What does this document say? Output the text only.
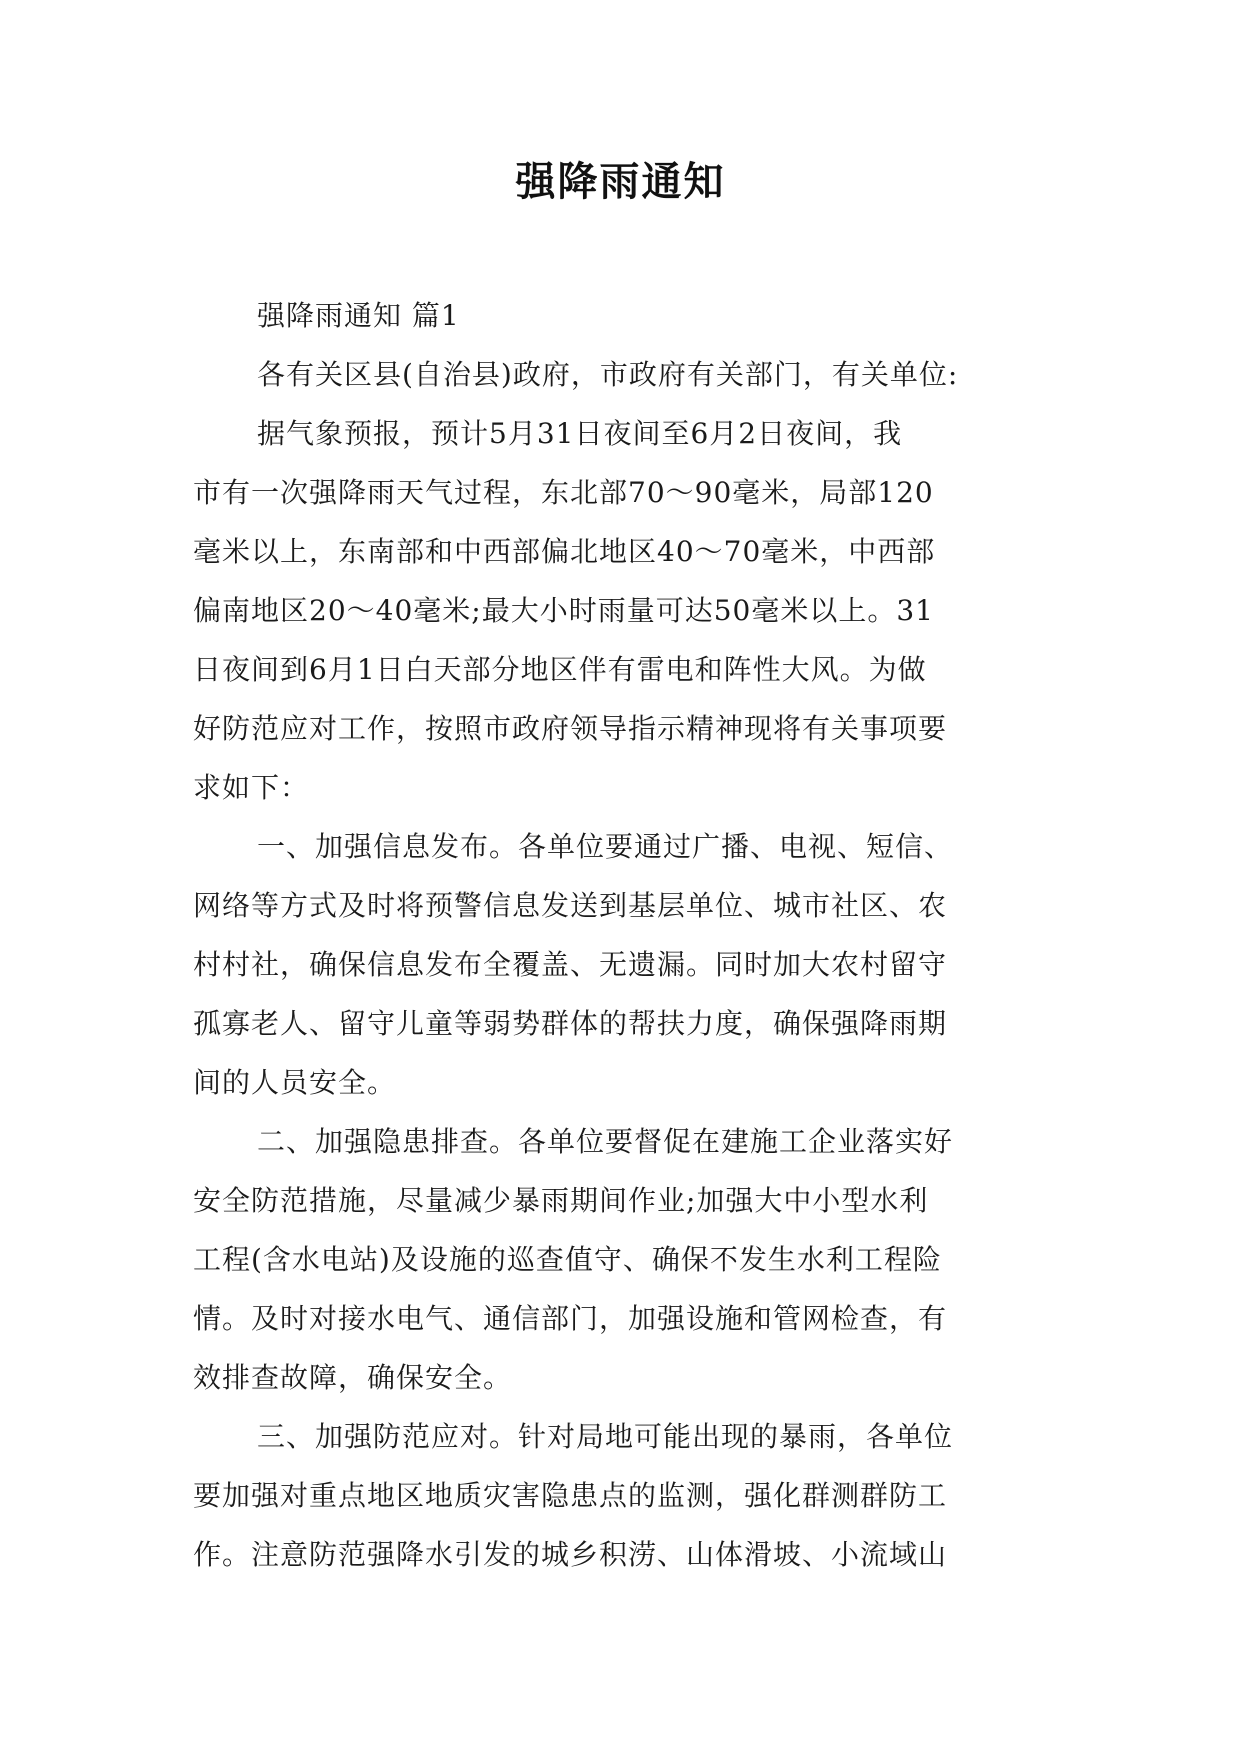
强降雨通知
强降雨通知 篇1
各有关区县(自治县)政府，市政府有关部门，有关单位:
据气象预报，预计5月31日夜间至6月2日夜间，我
市有一次强降雨天气过程，东北部70～90毫米，局部120
毫米以上，东南部和中西部偏北地区40～70毫米，中西部
偏南地区20～40毫米;最大小时雨量可达50毫米以上。31
日夜间到6月1日白天部分地区伴有雷电和阵性大风。为做
好防范应对工作，按照市政府领导指示精神现将有关事项要
求如下：
一、加强信息发布。各单位要通过广播、电视、短信、
网络等方式及时将预警信息发送到基层单位、城市社区、农
村村社，确保信息发布全覆盖、无遗漏。同时加大农村留守
孤寡老人、留守儿童等弱势群体的帮扶力度，确保强降雨期
间的人员安全。
二、加强隐患排查。各单位要督促在建施工企业落实好
安全防范措施，尽量减少暴雨期间作业;加强大中小型水利
工程(含水电站)及设施的巡查值守、确保不发生水利工程险
情。及时对接水电气、通信部门，加强设施和管网检查，有
效排查故障，确保安全。
三、加强防范应对。针对局地可能出现的暴雨，各单位
要加强对重点地区地质灾害隐患点的监测，强化群测群防工
作。注意防范强降水引发的城乡积涝、山体滑坡、小流域山
